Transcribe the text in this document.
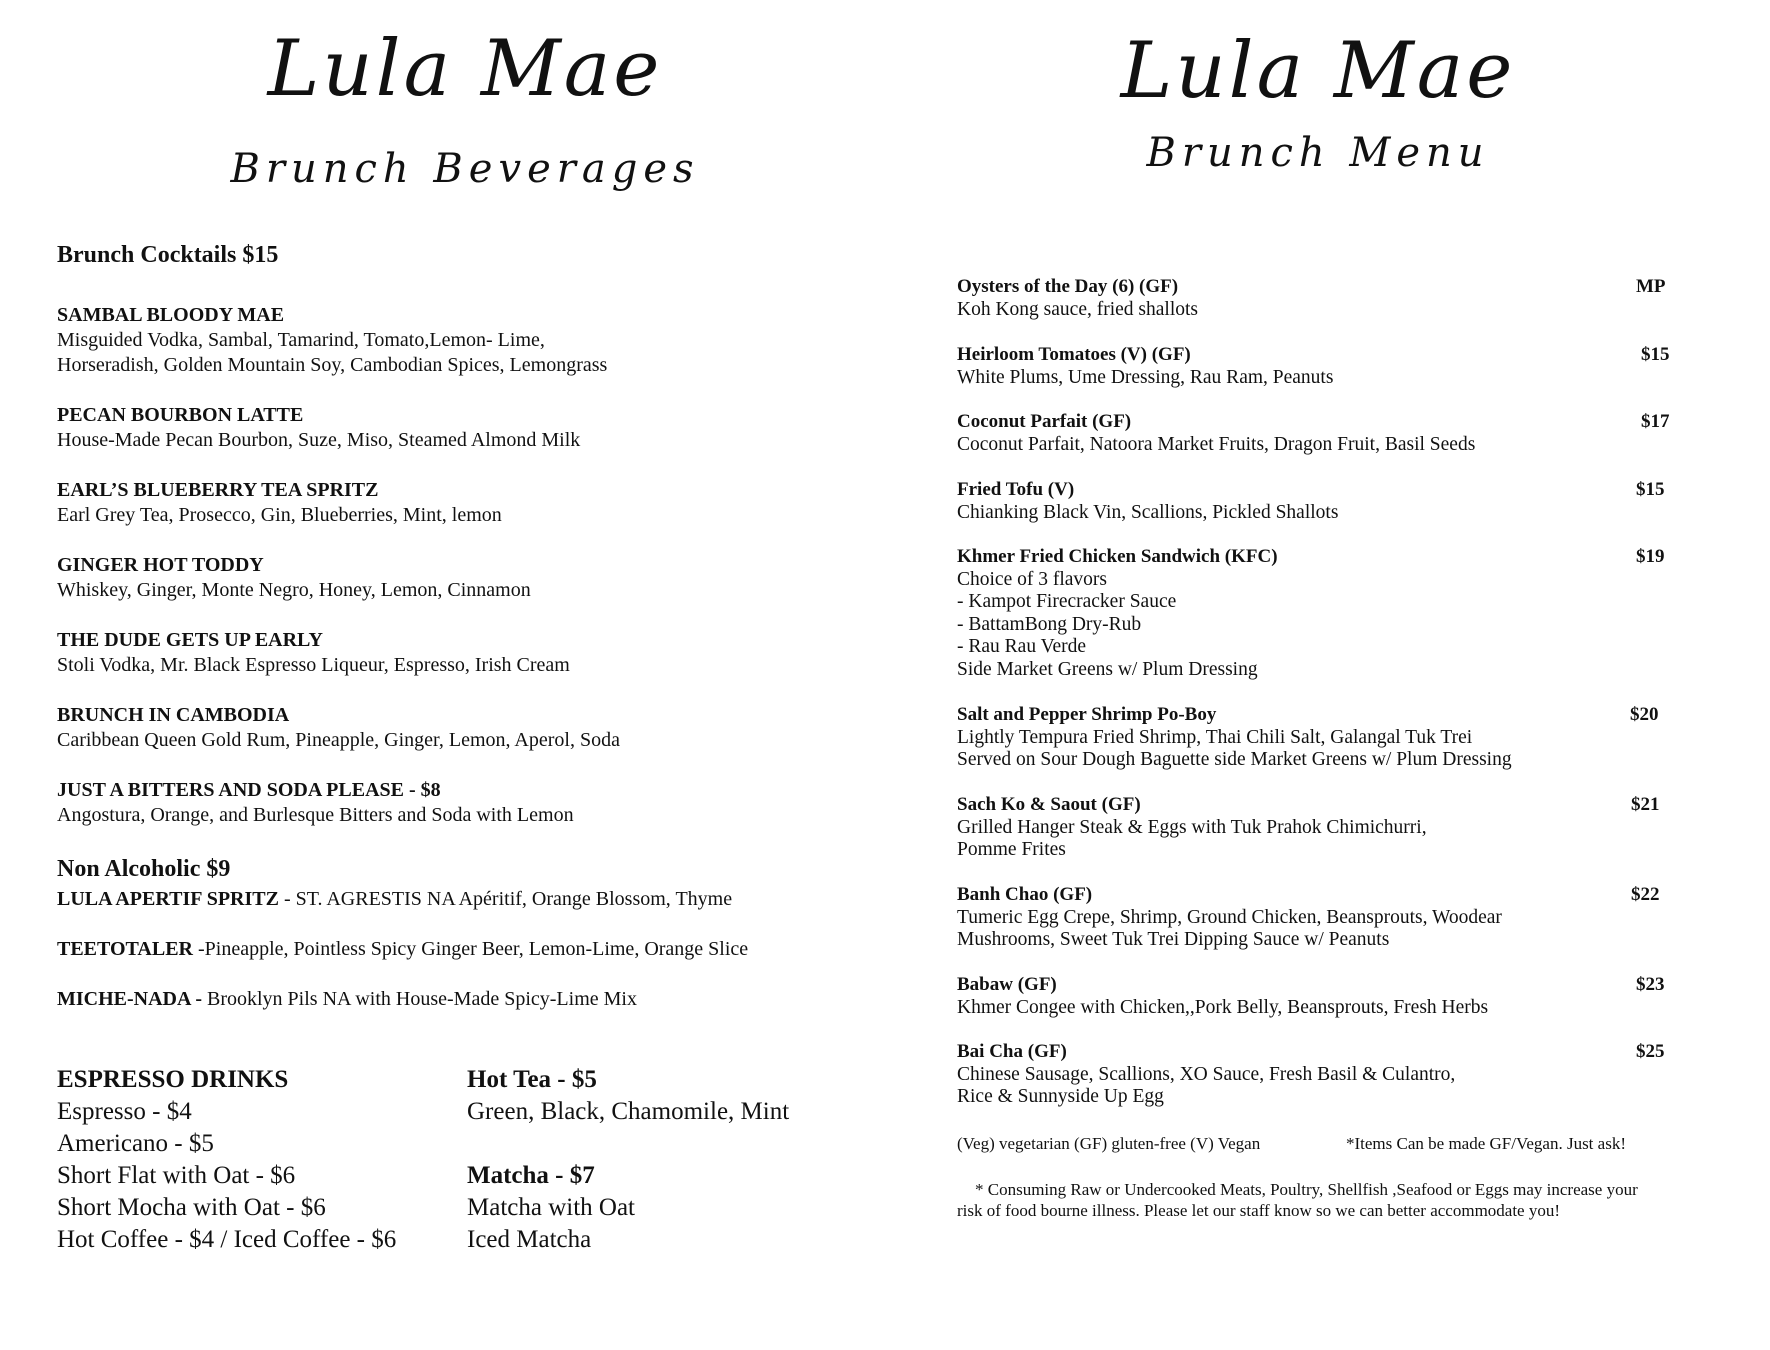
Lula Mae
Brunch Beverages
Brunch Cocktails $15
SAMBAL BLOODY MAE
Misguided Vodka, Sambal, Tamarind, Tomato,Lemon- Lime,
Horseradish, Golden Mountain Soy, Cambodian Spices, Lemongrass
PECAN BOURBON LATTE
House-Made Pecan Bourbon, Suze, Miso, Steamed Almond Milk
EARL’S BLUEBERRY TEA SPRITZ
Earl Grey Tea, Prosecco, Gin, Blueberries, Mint, lemon
GINGER HOT TODDY
Whiskey, Ginger, Monte Negro, Honey, Lemon, Cinnamon
THE DUDE GETS UP EARLY
Stoli Vodka, Mr. Black Espresso Liqueur, Espresso, Irish Cream
BRUNCH IN CAMBODIA
Caribbean Queen Gold Rum, Pineapple, Ginger, Lemon, Aperol, Soda
JUST A BITTERS AND SODA PLEASE - $8
Angostura, Orange, and Burlesque Bitters and Soda with Lemon
Non Alcoholic $9
LULA APERTIF SPRITZ - ST. AGRESTIS NA Apéritif, Orange Blossom, Thyme
TEETOTALER -Pineapple, Pointless Spicy Ginger Beer, Lemon-Lime, Orange Slice
MICHE-NADA - Brooklyn Pils NA with House-Made Spicy-Lime Mix
ESPRESSO DRINKS
Espresso - $4
Americano - $5
Short Flat with Oat - $6
Short Mocha with Oat - $6
Hot Coffee - $4 / Iced Coffee - $6
Hot Tea - $5
Green, Black, Chamomile, Mint
Matcha - $7
Matcha with Oat
Iced Matcha
Lula Mae
Brunch Menu
Oysters of the Day (6) (GF)
Koh Kong sauce, fried shallots
MP
Heirloom Tomatoes (V) (GF)
White Plums, Ume Dressing, Rau Ram, Peanuts
$15
Coconut Parfait (GF)
Coconut Parfait, Natoora Market Fruits, Dragon Fruit, Basil Seeds
$17
Fried Tofu (V)
Chianking Black Vin, Scallions, Pickled Shallots
$15
Khmer Fried Chicken Sandwich (KFC)
Choice of 3 flavors
- Kampot Firecracker Sauce
- BattamBong Dry-Rub
- Rau Rau Verde
Side Market Greens w/ Plum Dressing
$19
Salt and Pepper Shrimp Po-Boy
Lightly Tempura Fried Shrimp, Thai Chili Salt, Galangal Tuk Trei
Served on Sour Dough Baguette side Market Greens w/ Plum Dressing
$20
Sach Ko & Saout (GF)
Grilled Hanger Steak & Eggs with Tuk Prahok Chimichurri,
Pomme Frites
$21
Banh Chao (GF)
Tumeric Egg Crepe, Shrimp, Ground Chicken, Beansprouts, Woodear
Mushrooms, Sweet Tuk Trei Dipping Sauce w/ Peanuts
$22
Babaw (GF)
Khmer Congee with Chicken,,Pork Belly, Beansprouts, Fresh Herbs
$23
Bai Cha (GF)
Chinese Sausage, Scallions, XO Sauce, Fresh Basil & Culantro,
Rice & Sunnyside Up Egg
$25
(Veg) vegetarian (GF) gluten-free (V) Vegan	*Items Can be made GF/Vegan. Just ask!
* Consuming Raw or Undercooked Meats, Poultry, Shellfish ,Seafood or Eggs may increase your
risk of food bourne illness. Please let our staff know so we can better accommodate you!
